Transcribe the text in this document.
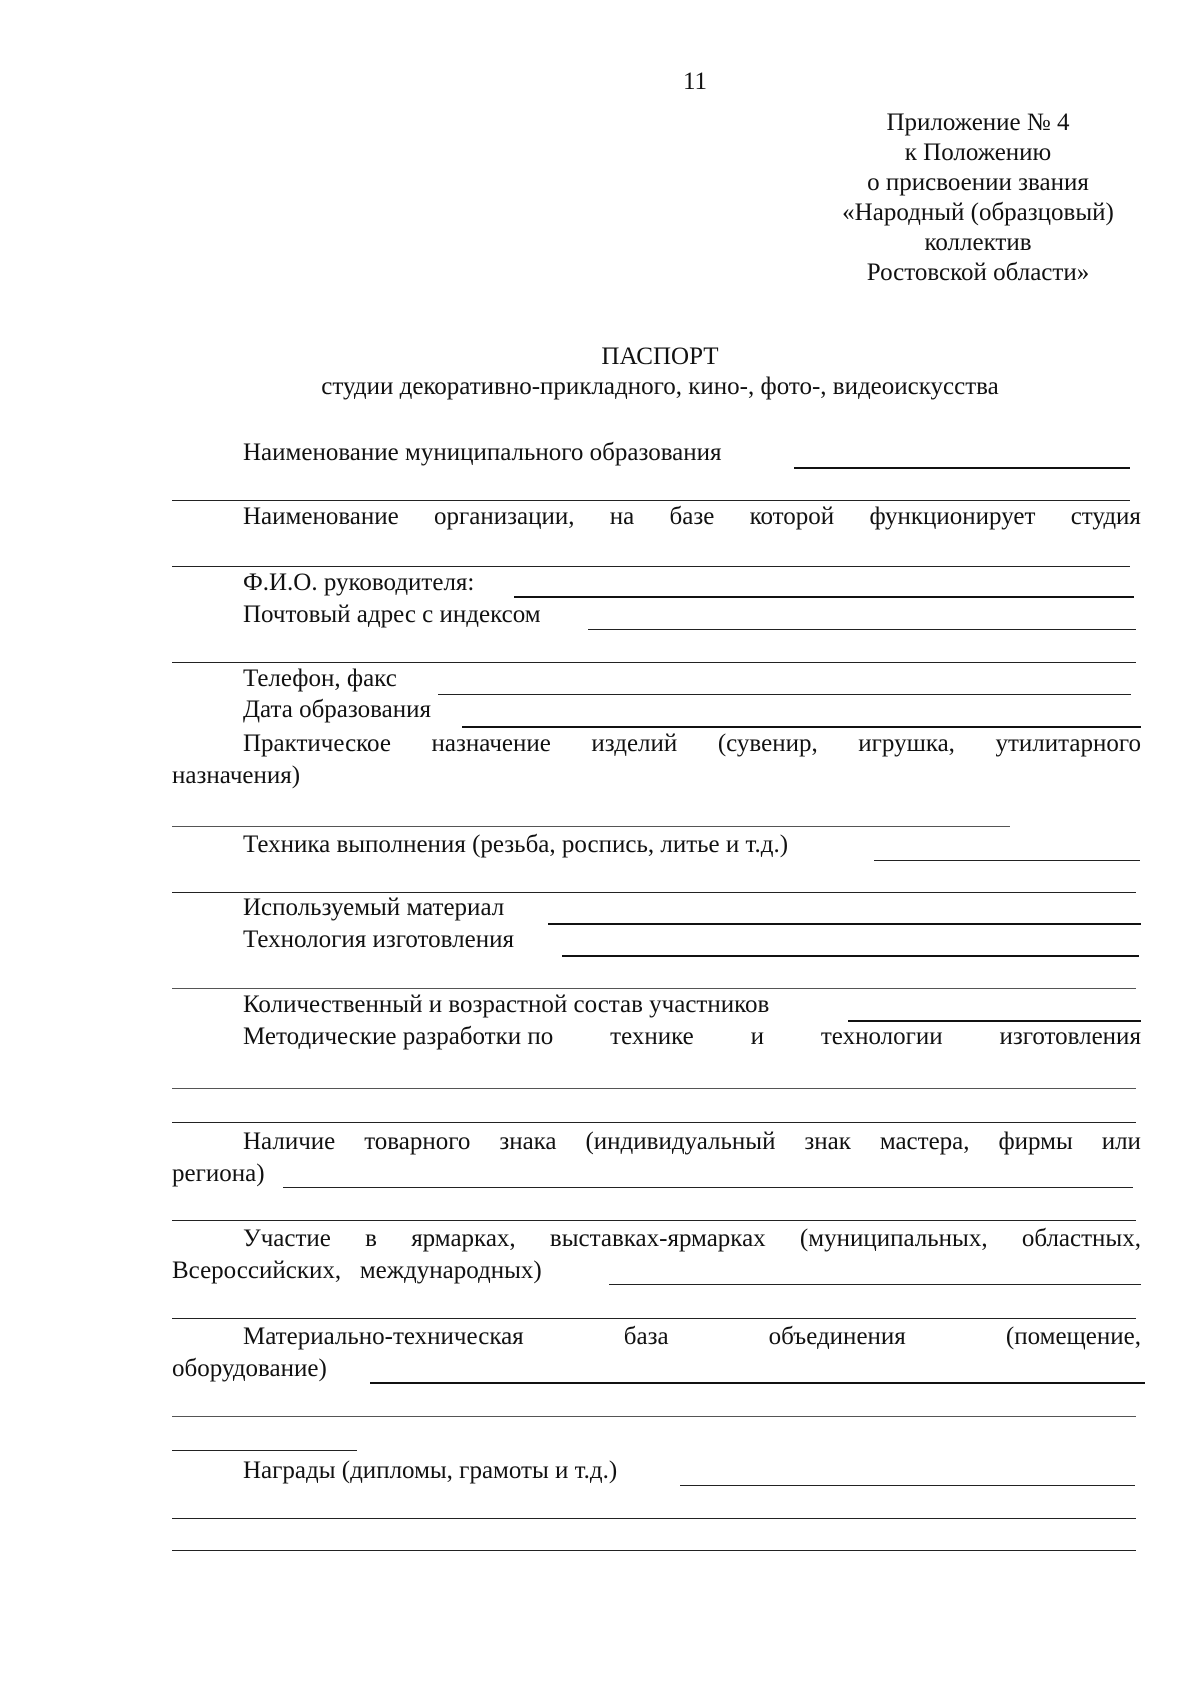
11
Приложение № 4
к Положению
о присвоении звания
«Народный (образцовый)
коллектив
Ростовской области»
ПАСПОРТ
студии декоративно-прикладного, кино-, фото-, видеоискусства
Наименование муниципального образования
Наименование организации, на базе которой функционирует студия
Ф.И.О. руководителя:
Почтовый адрес с индексом
Телефон, факс
Дата образования
Практическое назначение изделий (сувенир, игрушка, утилитарного
назначения)
Техника выполнения (резьба, роспись, литье и т.д.)
Используемый материал
Технология изготовления
Количественный и возрастной состав участников
Методические разработки по технике и технологии изготовления
Наличие товарного знака (индивидуальный знак мастера, фирмы или
региона)
Участие в ярмарках, выставках-ярмарках (муниципальных, областных,
Всероссийских,   международных)
Материально-техническая	база	объединения	(помещение,
оборудование)
Награды (дипломы, грамоты и т.д.)
